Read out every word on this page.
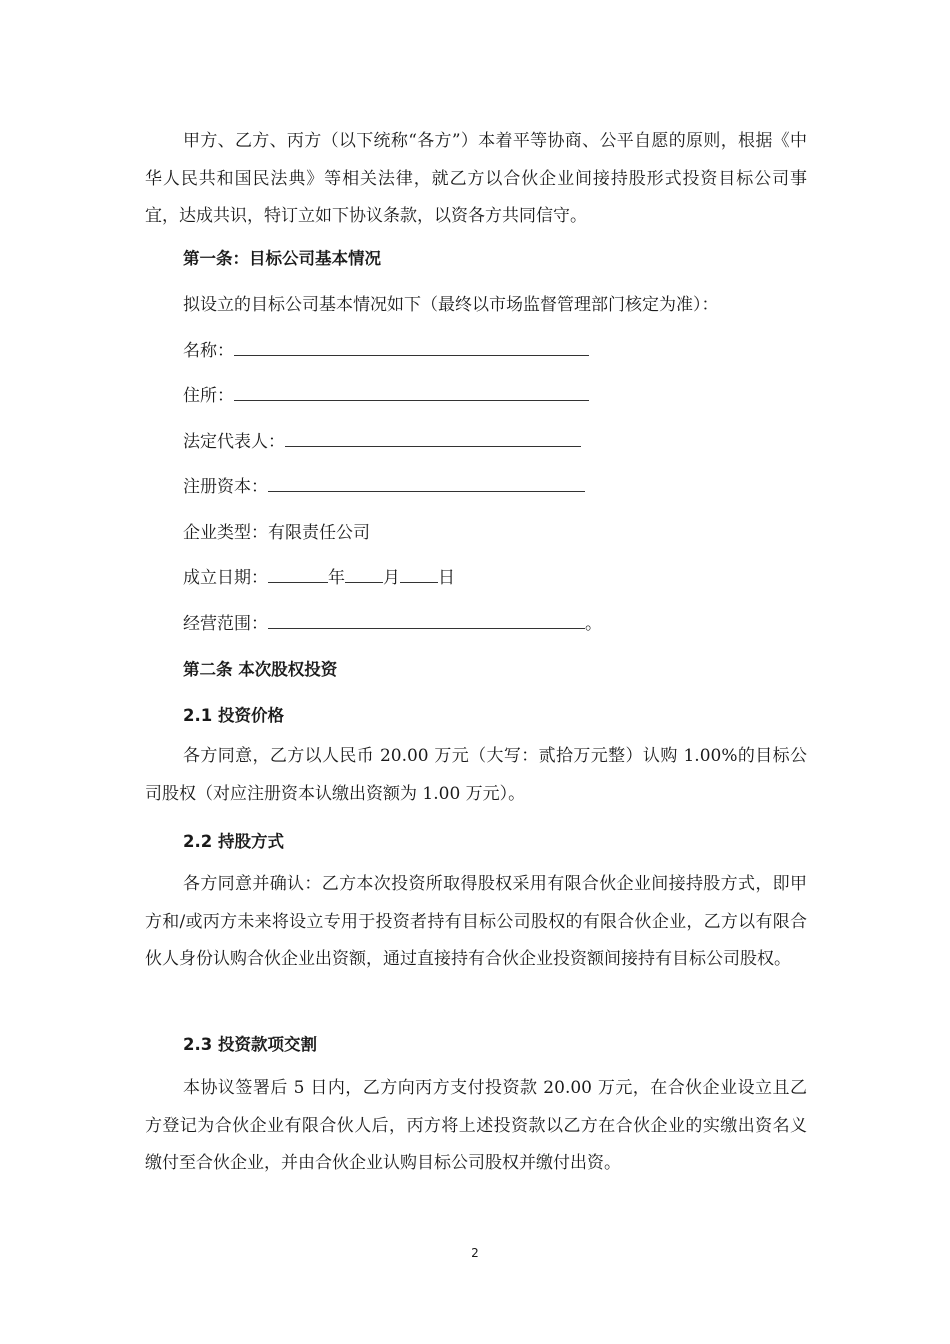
甲方、乙方、丙方（以下统称“各方”）本着平等协商、公平自愿的原则，根据《中华人民共和国民法典》等相关法律，就乙方以合伙企业间接持股形式投资目标公司事宜，达成共识，特订立如下协议条款，以资各方共同信守。

第一条：目标公司基本情况
拟设立的目标公司基本情况如下（最终以市场监督管理部门核定为准）：
名称：
住所：
法定代表人：
注册资本：
企业类型：有限责任公司
成立日期：	年 月 日
经营范围：	。
第二条 本次股权投资
2.1 投资价格

各方同意，乙方以人民币 20.00 万元（大写：贰拾万元整）认购 1.00%的目标公司股权（对应注册资本认缴出资额为 1.00 万元）。

2.2 持股方式

各方同意并确认：乙方本次投资所取得股权采用有限合伙企业间接持股方式，即甲方和/或丙方未来将设立专用于投资者持有目标公司股权的有限合伙企业，乙方以有限合伙人身份认购合伙企业出资额，通过直接持有合伙企业投资额间接持有目标公司股权。

2.3 投资款项交割

本协议签署后 5 日内，乙方向丙方支付投资款 20.00 万元，在合伙企业设立且乙方登记为合伙企业有限合伙人后，丙方将上述投资款以乙方在合伙企业的实缴出资名义缴付至合伙企业，并由合伙企业认购目标公司股权并缴付出资。

2
